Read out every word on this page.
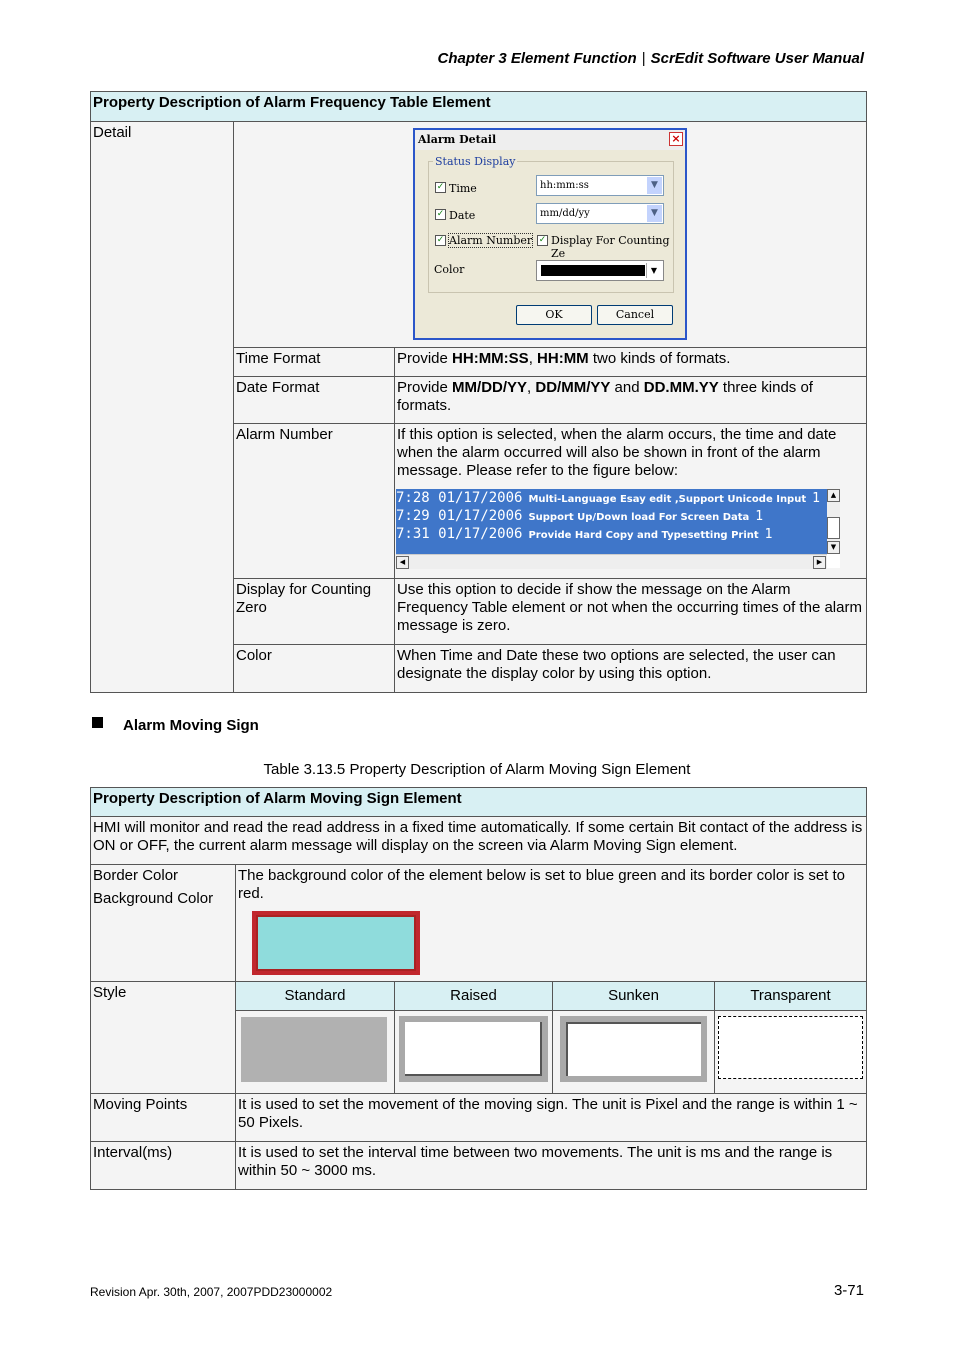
Chapter 3 Element Function | ScrEdit Software User Manual
Property Description of Alarm Frequency Table Element		
Detail		
	Time Format	Provide HH:MM:SS, HH:MM two kinds of formats.
	Date Format	Provide MM/DD/YY, DD/MM/YY and DD.MM.YY three kinds of formats.
	Alarm Number	If this option is selected, when the alarm occurs, the time and date when the alarm occurred will also be shown in front of the alarm message. Please refer to the figure below:
	Display for Counting Zero	Use this option to decide if show the message on the Alarm Frequency Table element or not when the occurring times of the alarm message is zero.
	Color	When Time and Date these two options are selected, the user can designate the display color by using this option.
Alarm Detail	×
Status Display
✓ Time	hh:mm:ss	▼
✓ Date	mm/dd/yy	▼
✓ Alarm Number ✓ Display For Counting Ze
Color	▼
OK	Cancel
7:28 01/17/2006 Multi-Language Esay edit ,Support Unicode Input 1
7:29 01/17/2006 Support Up/Down load For Screen Data 1
7:31 01/17/2006 Provide Hard Copy and Typesetting Print 1
▲
▼
◀	▶
Alarm Moving Sign
Table 3.13.5 Property Description of Alarm Moving Sign Element
Property Description of Alarm Moving Sign Element				
HMI will monitor and read the read address in a fixed time automatically. If some certain Bit contact of the address is ON or OFF, the current alarm message will display on the screen via Alarm Moving Sign element.				

Border Color
Background Color	The background color of the element below is set to blue green and its border color is set to red.			
Style	Standard	Raised	Sunken	Transparent

Moving Points	It is used to set the movement of the moving sign. The unit is Pixel and the range is within 1 ~ 50 Pixels.			
Interval(ms)	It is used to set the interval time between two movements. The unit is ms and the range is within 50 ~ 3000 ms.			
Revision Apr. 30th, 2007, 2007PDD23000002	3-71
